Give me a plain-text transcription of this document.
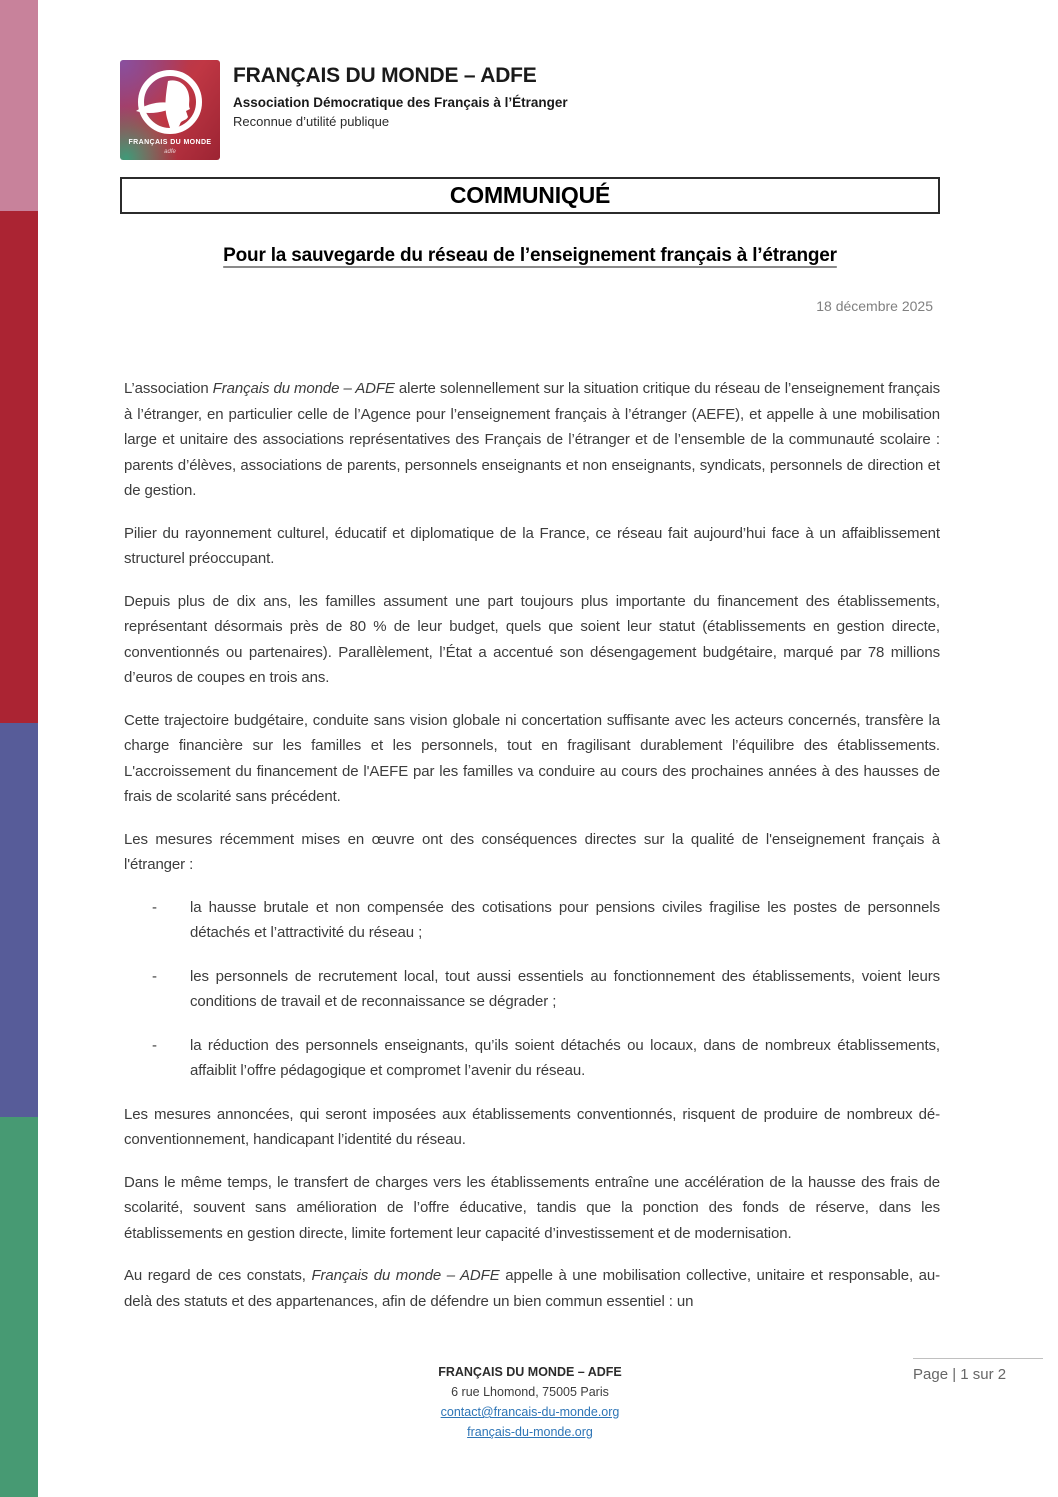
FRANÇAIS DU MONDE
adfe
FRANÇAIS DU MONDE – ADFE
Association Démocratique des Français à l’Étranger
Reconnue d’utilité publique
COMMUNIQUÉ
Pour la sauvegarde du réseau de l’enseignement français à l’étranger
18 décembre 2025

L’association Français du monde – ADFE alerte solennellement sur la situation critique du réseau de l’enseignement français à l’étranger, en particulier celle de l’Agence pour l’enseignement français à l’étranger (AEFE), et appelle à une mobilisation large et unitaire des associations représentatives des Français de l’étranger et de l’ensemble de la communauté scolaire : parents d’élèves, associations de parents, personnels enseignants et non enseignants, syndicats, personnels de direction et de gestion.

Pilier du rayonnement culturel, éducatif et diplomatique de la France, ce réseau fait aujourd’hui face à un affaiblissement structurel préoccupant.

Depuis plus de dix ans, les familles assument une part toujours plus importante du financement des établissements, représentant désormais près de 80 % de leur budget, quels que soient leur statut (établissements en gestion directe, conventionnés ou partenaires). Parallèlement, l’État a accentué son désengagement budgétaire, marqué par 78 millions d’euros de coupes en trois ans.

Cette trajectoire budgétaire, conduite sans vision globale ni concertation suffisante avec les acteurs concernés, transfère la charge financière sur les familles et les personnels, tout en fragilisant durablement l’équilibre des établissements. L'accroissement du financement de l'AEFE par les familles va conduire au cours des prochaines années à des hausses de frais de scolarité sans précédent.

Les mesures récemment mises en œuvre ont des conséquences directes sur la qualité de l'enseignement français à l'étranger :

-	la hausse brutale et non compensée des cotisations pour pensions civiles fragilise les postes de personnels détachés et l’attractivité du réseau ;
-	les personnels de recrutement local, tout aussi essentiels au fonctionnement des établissements, voient leurs conditions de travail et de reconnaissance se dégrader ;
-	la réduction des personnels enseignants, qu’ils soient détachés ou locaux, dans de nombreux établissements, affaiblit l’offre pédagogique et compromet l’avenir du réseau.

Les mesures annoncées, qui seront imposées aux établissements conventionnés, risquent de produire de nombreux dé-conventionnement, handicapant l’identité du réseau.

Dans le même temps, le transfert de charges vers les établissements entraîne une accélération de la hausse des frais de scolarité, souvent sans amélioration de l’offre éducative, tandis que la ponction des fonds de réserve, dans les établissements en gestion directe, limite fortement leur capacité d’investissement et de modernisation.

Au regard de ces constats, Français du monde – ADFE appelle à une mobilisation collective, unitaire et responsable, au-delà des statuts et des appartenances, afin de défendre un bien commun essentiel : un

FRANÇAIS DU MONDE – ADFE
6 rue Lhomond, 75005 Paris
contact@francais-du-monde.org
français-du-monde.org
Page | 1 sur 2
